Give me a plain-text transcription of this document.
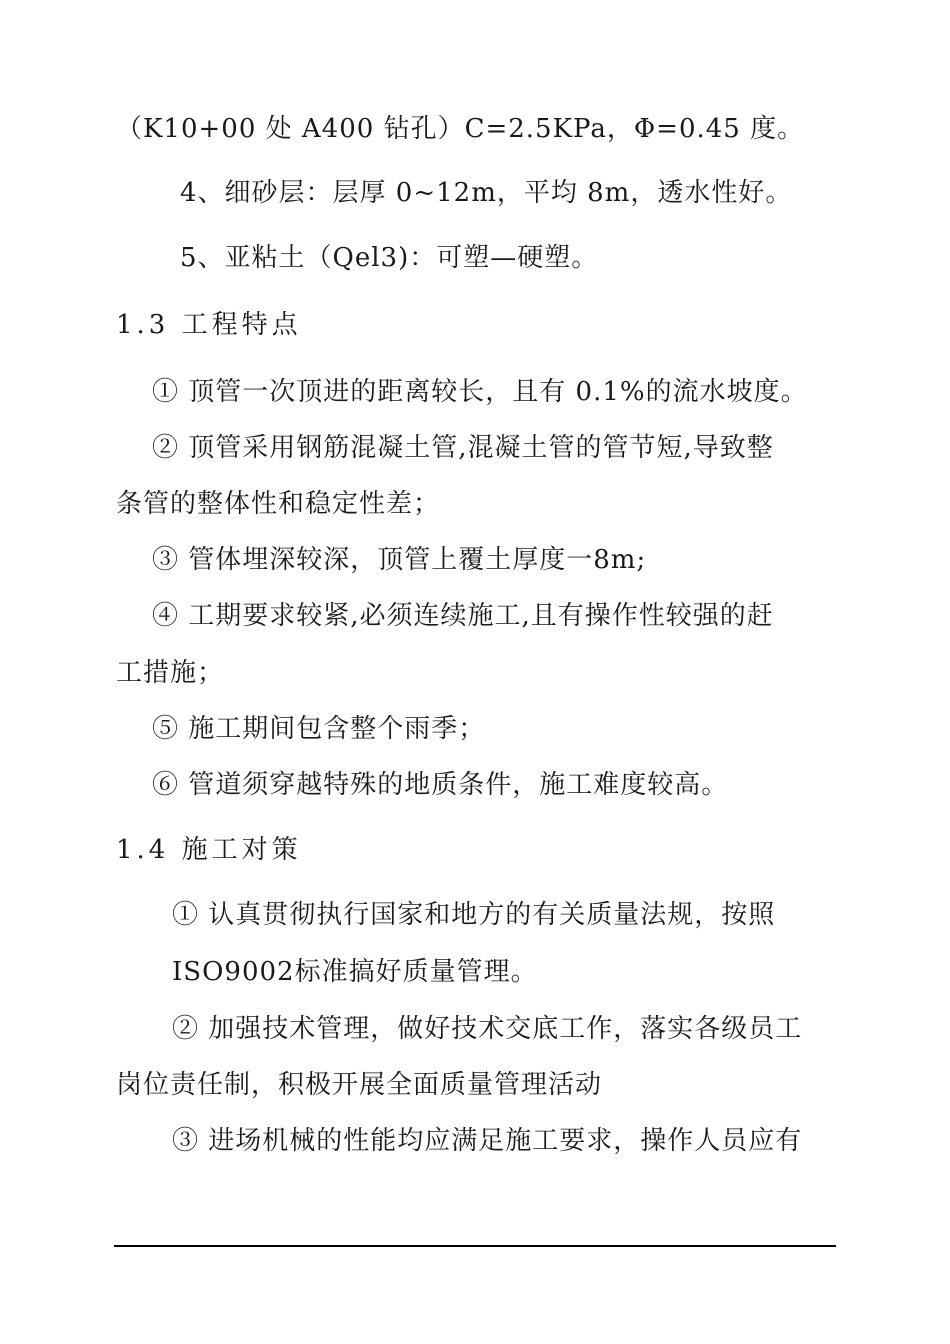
（K10+00 处 A400 钻孔）C=2.5KPa，Φ=0.45 度。
4、细砂层：层厚 0~12m，平均 8m，透水性好。
5、亚粘土（Qel3)：可塑—硬塑。
1.3 工程特点
① 顶管一次顶进的距离较长，且有 0.1%的流水坡度。
② 顶管采用钢筋混凝土管,混凝土管的管节短,导致整
条管的整体性和稳定性差；
③ 管体埋深较深，顶管上覆土厚度一8m;
④ 工期要求较紧,必须连续施工,且有操作性较强的赶
工措施；
⑤ 施工期间包含整个雨季；
⑥ 管道须穿越特殊的地质条件，施工难度较高。
1.4 施工对策
① 认真贯彻执行国家和地方的有关质量法规，按照
ISO9002标准搞好质量管理。
② 加强技术管理，做好技术交底工作，落实各级员工
岗位责任制，积极开展全面质量管理活动
③ 进场机械的性能均应满足施工要求，操作人员应有
